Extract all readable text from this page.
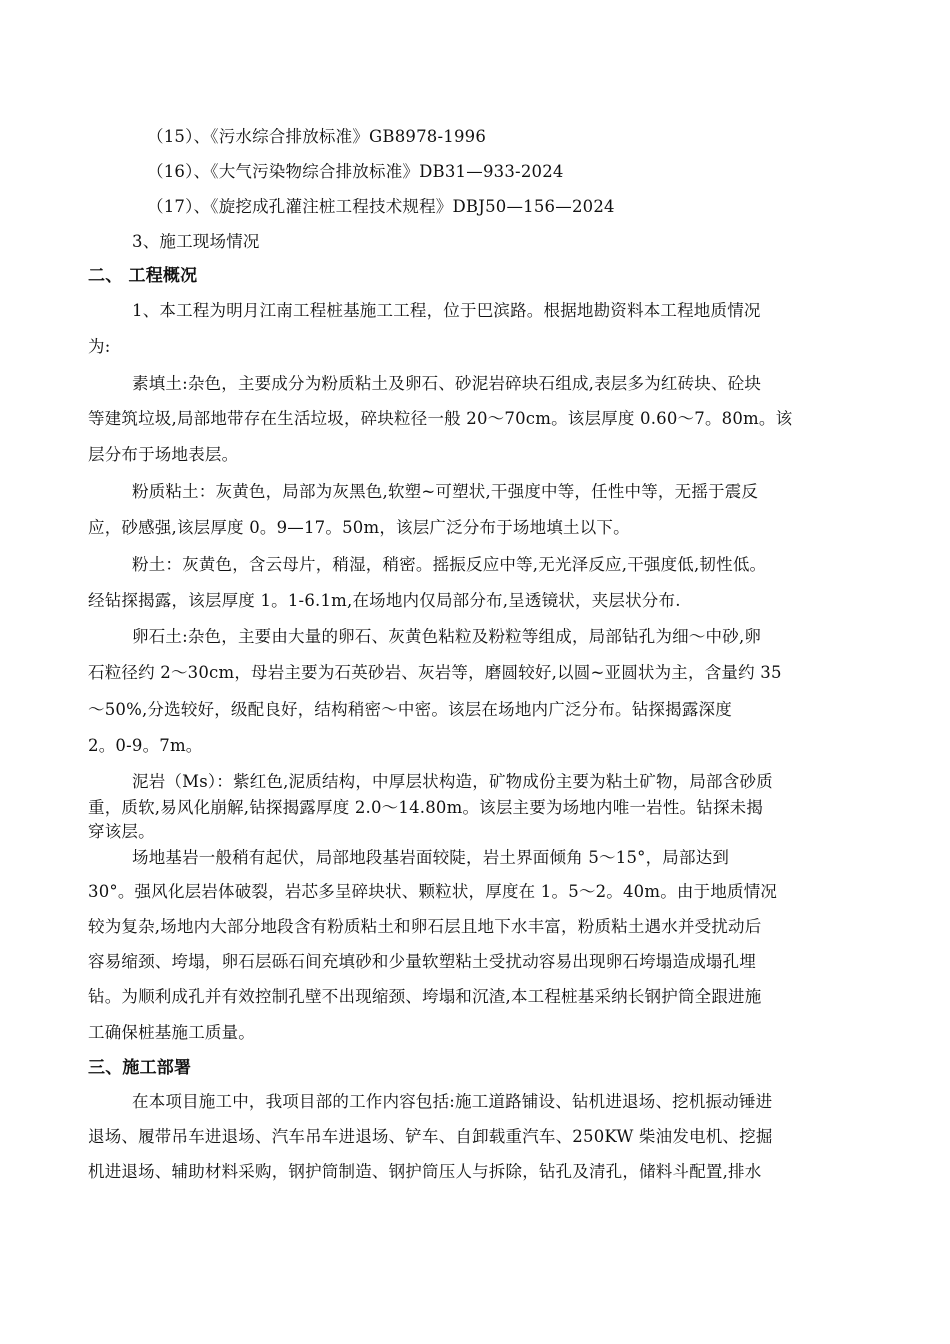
（15）、《污水综合排放标准》GB8978-1996
（16）、《大气污染物综合排放标准》DB31—933-2024
（17）、《旋挖成孔灌注桩工程技术规程》DBJ50—156—2024
3、施工现场情况
二、 工程概况
1、本工程为明月江南工程桩基施工工程，位于巴滨路。根据地勘资料本工程地质情况
为:
素填土:杂色，主要成分为粉质粘土及卵石、砂泥岩碎块石组成,表层多为红砖块、砼块
等建筑垃圾,局部地带存在生活垃圾，碎块粒径一般 20～70cm。该层厚度 0.60～7。80m。该
层分布于场地表层。
粉质粘土：灰黄色，局部为灰黑色,软塑~可塑状,干强度中等，任性中等，无摇于震反
应，砂感强,该层厚度 0。9—17。50m，该层广泛分布于场地填土以下。
粉土：灰黄色，含云母片，稍湿，稍密。摇振反应中等,无光泽反应,干强度低,韧性低。
经钻探揭露，该层厚度 1。1-6.1m,在场地内仅局部分布,呈透镜状，夹层状分布.
卵石土:杂色，主要由大量的卵石、灰黄色粘粒及粉粒等组成，局部钻孔为细～中砂,卵
石粒径约 2～30cm，母岩主要为石英砂岩、灰岩等，磨圆较好,以圆~亚圆状为主，含量约 35
～50%,分选较好，级配良好，结构稍密～中密。该层在场地内广泛分布。钻探揭露深度
2。0-9。7m。
泥岩（Ms）：紫红色,泥质结构，中厚层状构造，矿物成份主要为粘土矿物，局部含砂质
重，质软,易风化崩解,钻探揭露厚度 2.0～14.80m。该层主要为场地内唯一岩性。钻探未揭
穿该层。
场地基岩一般稍有起伏，局部地段基岩面较陡，岩土界面倾角 5～15°，局部达到
30°。强风化层岩体破裂，岩芯多呈碎块状、颗粒状，厚度在 1。5～2。40m。由于地质情况
较为复杂,场地内大部分地段含有粉质粘土和卵石层且地下水丰富，粉质粘土遇水并受扰动后
容易缩颈、垮塌，卵石层砾石间充填砂和少量软塑粘土受扰动容易出现卵石垮塌造成塌孔埋
钻。为顺利成孔并有效控制孔壁不出现缩颈、垮塌和沉渣,本工程桩基采纳长钢护筒全跟进施
工确保桩基施工质量。
三、施工部署
在本项目施工中，我项目部的工作内容包括:施工道路铺设、钻机进退场、挖机振动锤进
退场、履带吊车进退场、汽车吊车进退场、铲车、自卸载重汽车、250KW 柴油发电机、挖掘
机进退场、辅助材料采购，钢护筒制造、钢护筒压人与拆除，钻孔及清孔，储料斗配置,排水
